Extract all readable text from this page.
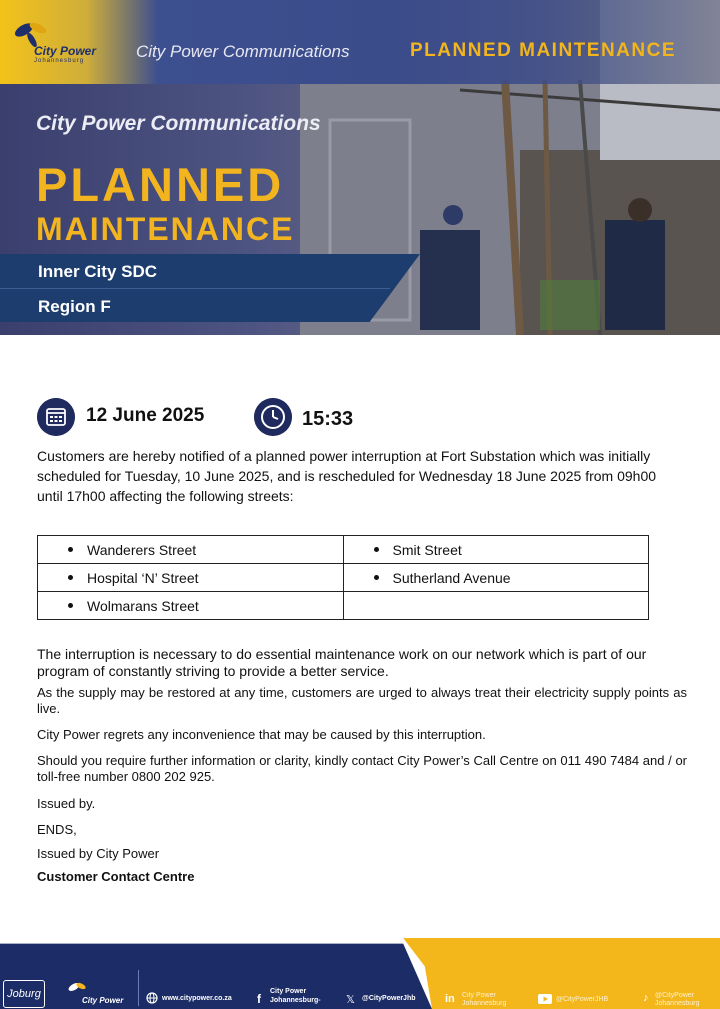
City Power
Johannesburg	City Power Communications	PLANNED MAINTENANCE
City Power Communications
PLANNED
MAINTENANCE
Inner City SDC
Region F
12 June 2025	15:33
Customers are hereby notified of a planned power interruption at Fort Substation which was initially
scheduled for Tuesday, 10 June 2025, and is rescheduled for Wednesday 18 June 2025 from 09h00
until 17h00 affecting the following streets:
Wanderers Street	Smit Street
Hospital ‘N’ Street	Sutherland Avenue
Wolmarans Street	
The interruption is necessary to do essential maintenance work on our network which is part of our
program of constantly striving to provide a better service.
As the supply may be restored at any time, customers are urged to always treat their electricity supply points as live.
City Power regrets any inconvenience that may be caused by this interruption.
Should you require further information or clarity, kindly contact City Power’s Call Centre on 011 490 7484 and / or toll-free number 0800 202 925.
Issued by.
ENDS,
Issued by City Power
Customer Contact Centre
Joburg
City Power	www.citypower.co.za f
City Power Johannesburg-	𝕏 @CityPowerJhb	in City Power Johannesburg
@CityPowerJHB	♪ @CityPower Johannesburg
